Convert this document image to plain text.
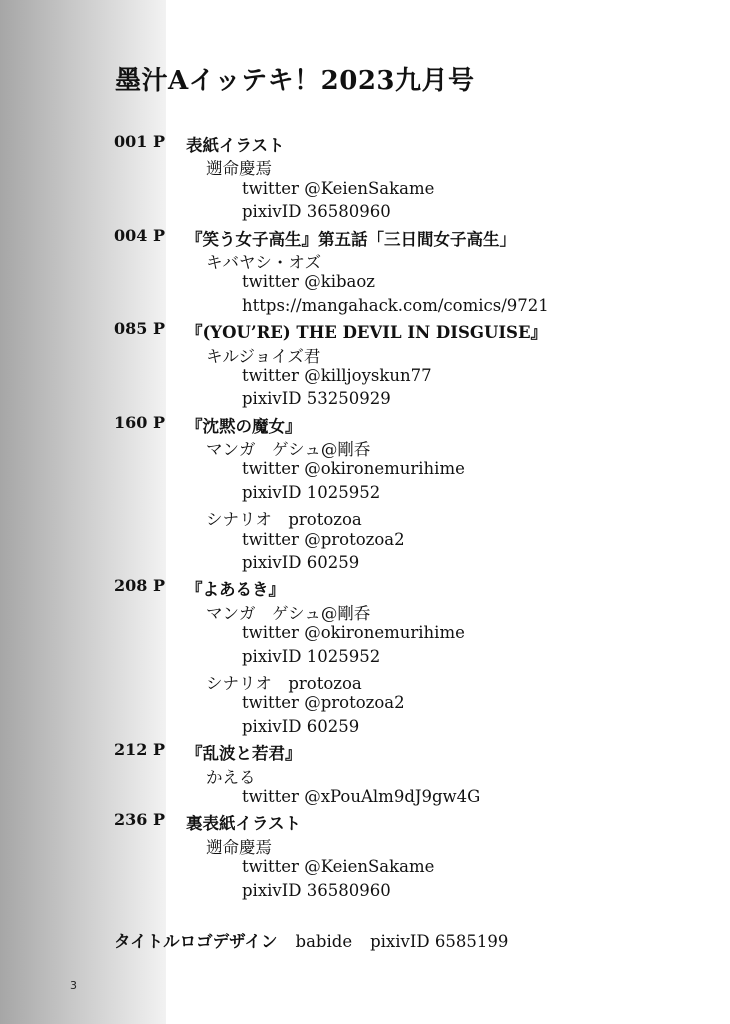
墨汁Aイッテキ！2023九月号
001 P 表紙イラスト
遡命慶焉
twitter @KeienSakame
pixivID 36580960
004 P 『笑う女子高生』第五話「三日間女子高生」
キバヤシ・オズ
twitter @kibaoz
https://mangahack.com/comics/9721
085 P 『(YOU’RE) THE DEVIL IN DISGUISE』
キルジョイズ君
twitter @killjoyskun77
pixivID 53250929
160 P 『沈黙の魔女』
マンガ　ゲシュ@剛呑
twitter @okironemurihime
pixivID 1025952
シナリオ　protozoa
twitter @protozoa2
pixivID 60259
208 P 『よあるき』
マンガ　ゲシュ@剛呑
twitter @okironemurihime
pixivID 1025952
シナリオ　protozoa
twitter @protozoa2
pixivID 60259
212 P 『乱波と若君』
かえる
twitter @xPouAlm9dJ9gw4G
236 P 裏表紙イラスト
遡命慶焉
twitter @KeienSakame
pixivID 36580960
タイトルロゴデザイン babide pixivID 6585199
3
